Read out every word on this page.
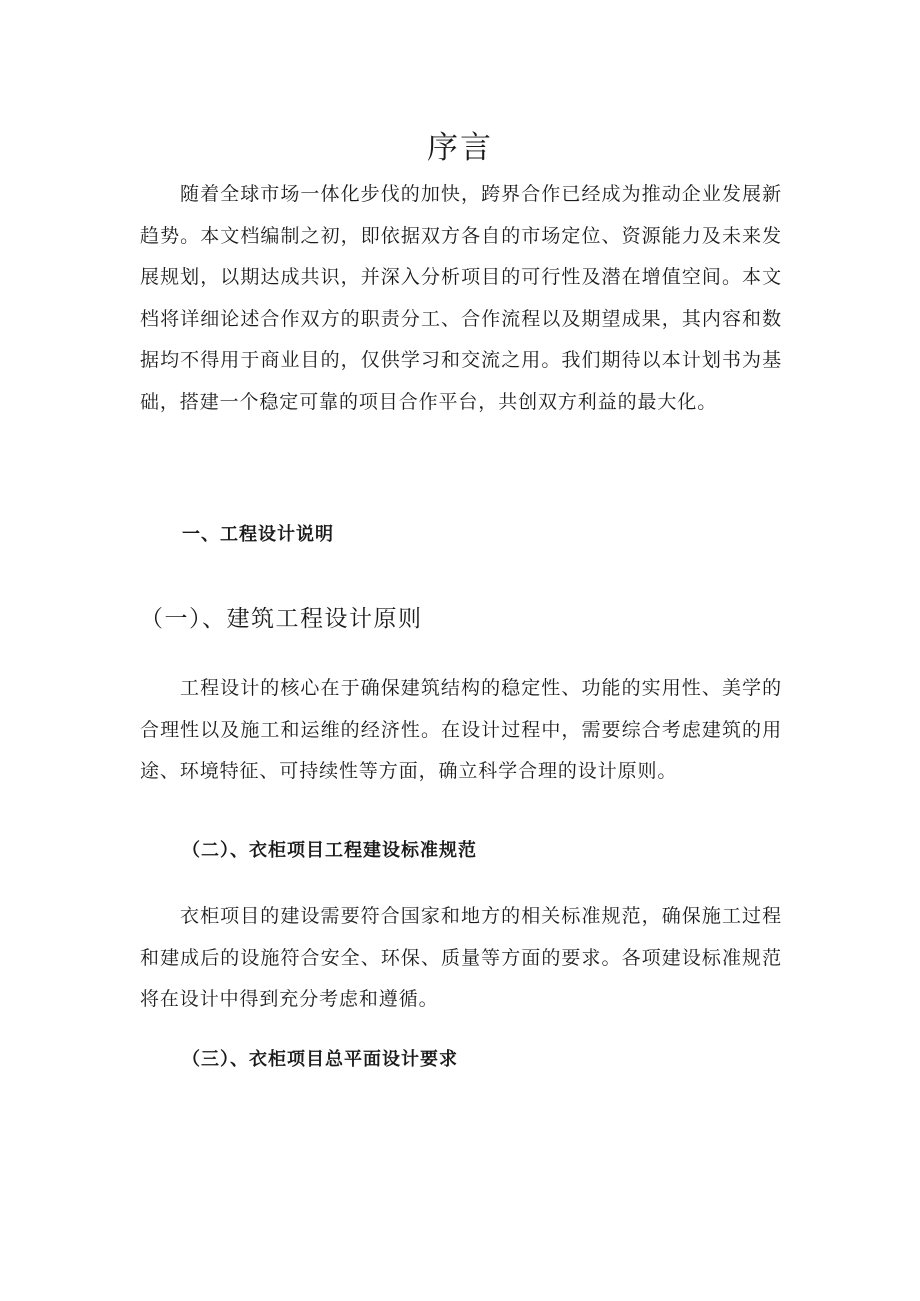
序言

随着全球市场一体化步伐的加快，跨界合作已经成为推动企业发展新趋势。本文档编制之初，即依据双方各自的市场定位、资源能力及未来发展规划，以期达成共识，并深入分析项目的可行性及潜在增值空间。本文档将详细论述合作双方的职责分工、合作流程以及期望成果，其内容和数据均不得用于商业目的，仅供学习和交流之用。我们期待以本计划书为基础，搭建一个稳定可靠的项目合作平台，共创双方利益的最大化。

一、工程设计说明
（一）、建筑工程设计原则

工程设计的核心在于确保建筑结构的稳定性、功能的实用性、美学的合理性以及施工和运维的经济性。在设计过程中，需要综合考虑建筑的用途、环境特征、可持续性等方面，确立科学合理的设计原则。

（二）、衣柜项目工程建设标准规范

衣柜项目的建设需要符合国家和地方的相关标准规范，确保施工过程和建成后的设施符合安全、环保、质量等方面的要求。各项建设标准规范将在设计中得到充分考虑和遵循。

（三）、衣柜项目总平面设计要求
